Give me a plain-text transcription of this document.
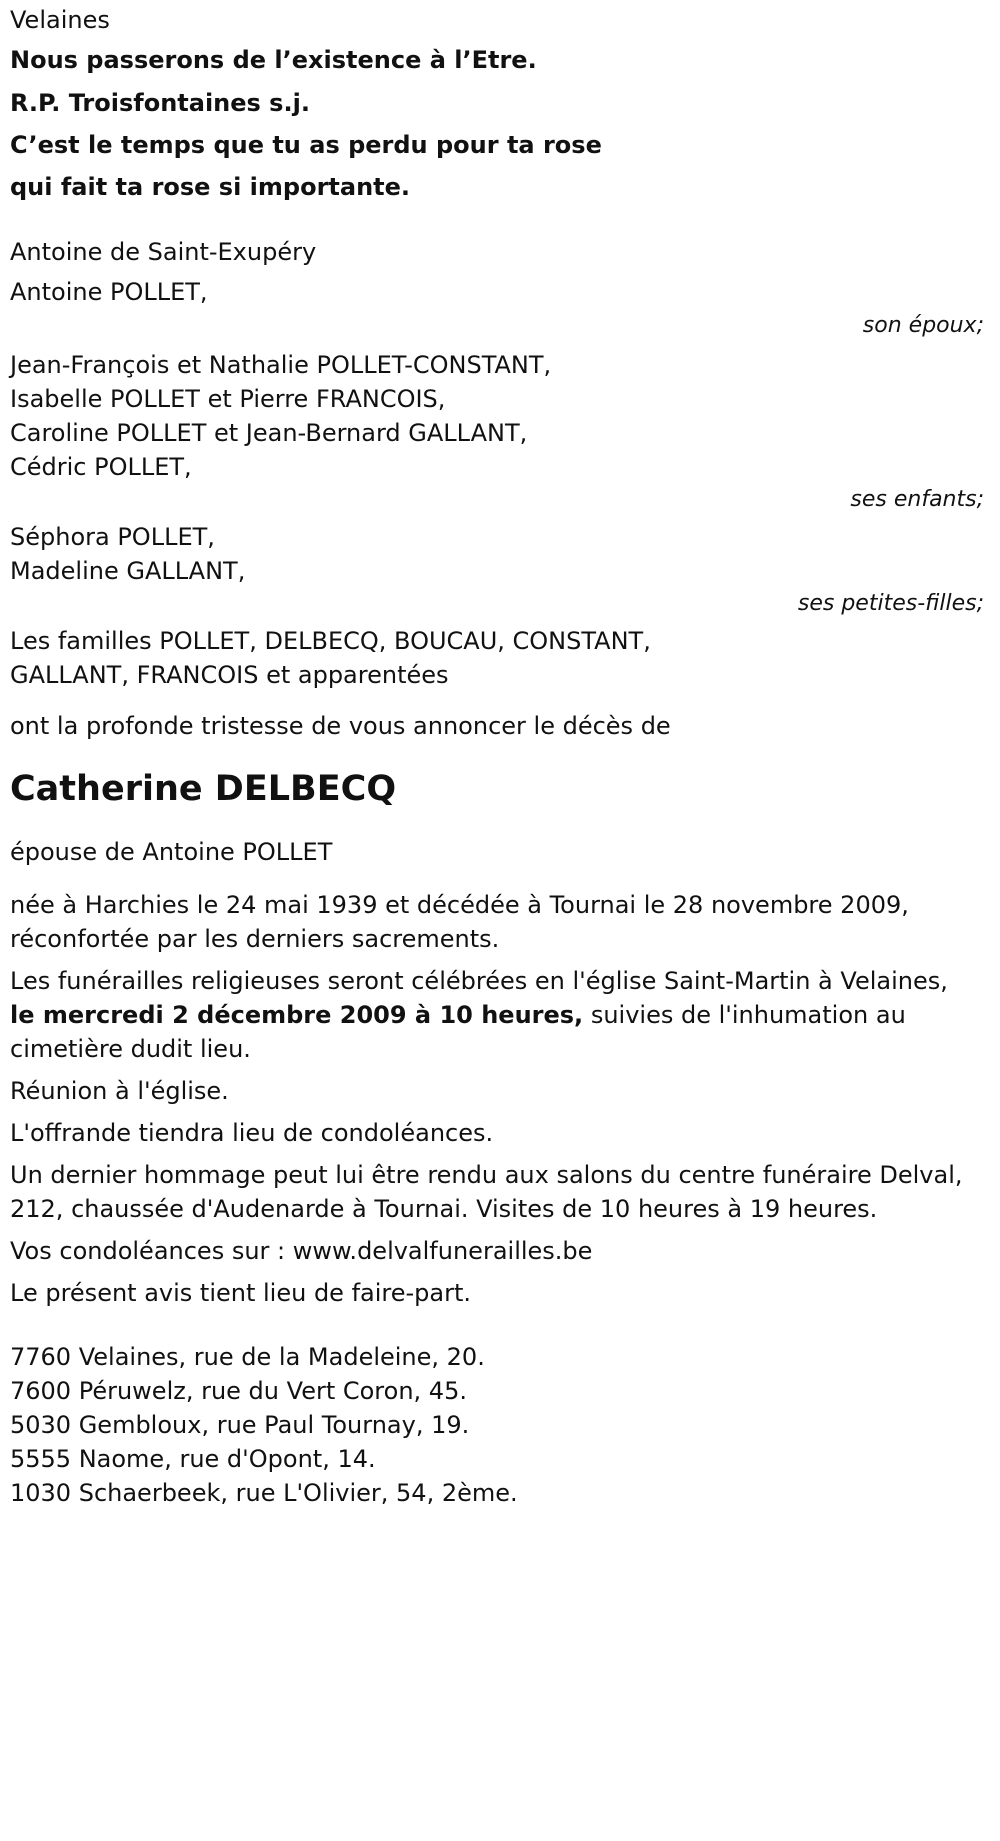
Velaines

Nous passerons de l’existence à l’Etre.

R.P. Troisfontaines s.j.

C’est le temps que tu as perdu pour ta rose

qui fait ta rose si importante.

Antoine de Saint-Exupéry

Antoine POLLET,

son époux;

Jean-François et Nathalie POLLET-CONSTANT,

Isabelle POLLET et Pierre FRANCOIS,

Caroline POLLET et Jean-Bernard GALLANT,

Cédric POLLET,

ses enfants;

Séphora POLLET,

Madeline GALLANT,

ses petites-filles;

Les familles POLLET, DELBECQ, BOUCAU, CONSTANT,

GALLANT, FRANCOIS et apparentées

ont la profonde tristesse de vous annoncer le décès de

Catherine DELBECQ

épouse de Antoine POLLET

née à Harchies le 24 mai 1939 et décédée à Tournai le 28 novembre 2009, réconfortée par les derniers sacrements.

Les funérailles religieuses seront célébrées en l'église Saint-Martin à Velaines, le mercredi 2 décembre 2009 à 10 heures, suivies de l'inhumation au cimetière dudit lieu.

Réunion à l'église.

L'offrande tiendra lieu de condoléances.

Un dernier hommage peut lui être rendu aux salons du centre funéraire Delval, 212, chaussée d'Audenarde à Tournai. Visites de 10 heures à 19 heures.

Vos condoléances sur : www.delvalfunerailles.be

Le présent avis tient lieu de faire-part.

7760 Velaines, rue de la Madeleine, 20.

7600 Péruwelz, rue du Vert Coron, 45.

5030 Gembloux, rue Paul Tournay, 19.

5555 Naome, rue d'Opont, 14.

1030 Schaerbeek, rue L'Olivier, 54, 2ème.
